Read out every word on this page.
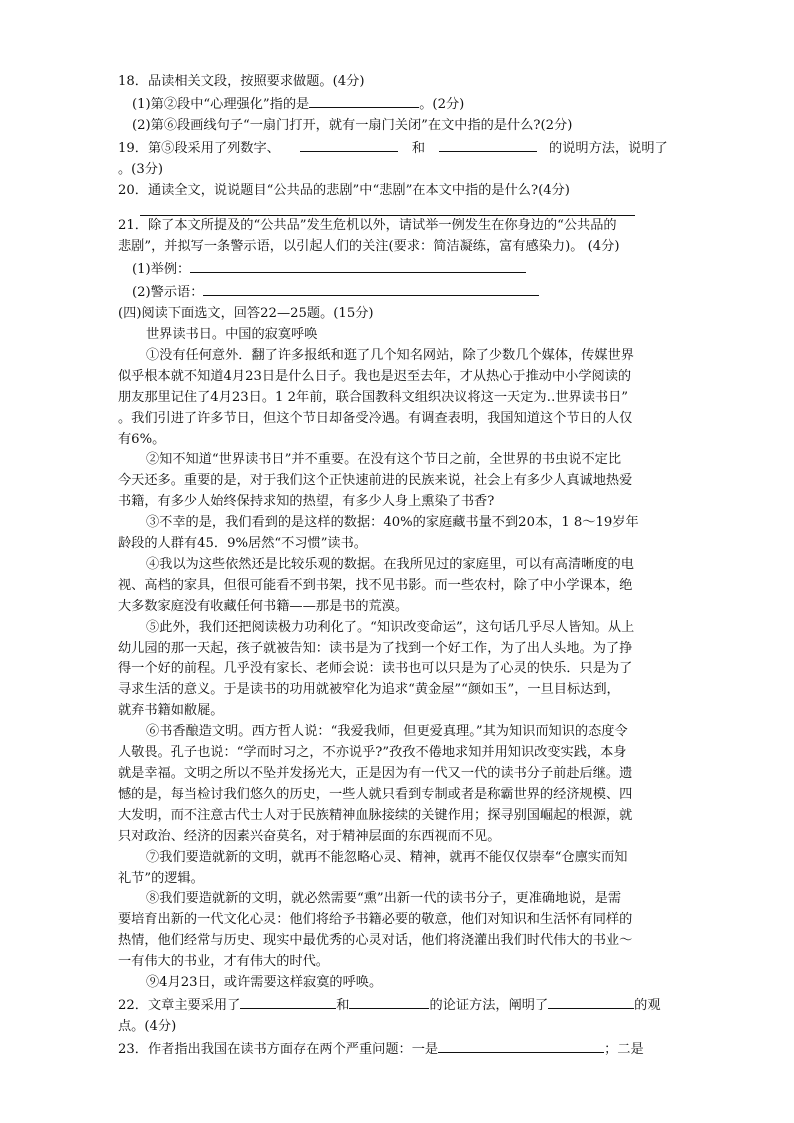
18．品读相关文段，按照要求做题。(4分)
(1)第②段中“心理强化”指的是	。(2分)
(2)第⑥段画线句子“一扇门打开，就有一扇门关闭”在文中指的是什么?(2分)
19．第⑤段采用了列数字、	和	的说明方法，说明了
。(3分)
20．通读全文，说说题目“公共品的悲剧”中“悲剧”在本文中指的是什么?(4分)
21．除了本文所提及的“公共品”发生危机以外，请试举一例发生在你身边的“公共品的
悲剧”，并拟写一条警示语，以引起人们的关注(要求：简洁凝练，富有感染力)。 (4分)
(1)举例：
(2)警示语：
(四)阅读下面选文，回答22—25题。(15分)
世界读书日。中国的寂寞呼唤
①没有任何意外．翻了许多报纸和逛了几个知名网站，除了少数几个媒体，传媒世界
似乎根本就不知道4月23日是什么日子。我也是迟至去年，才从热心于推动中小学阅读的
朋友那里记住了4月23日。1 2年前，联合国教科文组织决议将这一天定为‥世界读书日”
。我们引进了许多节日，但这个节日却备受冷遇。有调查表明，我国知道这个节日的人仅
有6%。
②知不知道“世界读书日”并不重要。在没有这个节日之前，全世界的书虫说不定比
今天还多。重要的是，对于我们这个正快速前进的民族来说，社会上有多少人真诚地热爱
书籍，有多少人始终保持求知的热望，有多少人身上熏染了书香?
③不幸的是，我们看到的是这样的数据：40%的家庭藏书量不到20本，1 8～19岁年
龄段的人群有45．9%居然“不习惯”读书。
④我以为这些依然还是比较乐观的数据。在我所见过的家庭里，可以有高清晰度的电
视、高档的家具，但很可能看不到书架，找不见书影。而一些农村，除了中小学课本，绝
大多数家庭没有收藏任何书籍——那是书的荒漠。
⑤此外，我们还把阅读极力功利化了。“知识改变命运”，这句话几乎尽人皆知。从上
幼儿园的那一天起，孩子就被告知：读书是为了找到一个好工作，为了出人头地。为了挣
得一个好的前程。几乎没有家长、老师会说：读书也可以只是为了心灵的快乐．只是为了
寻求生活的意义。于是读书的功用就被窄化为追求“黄金屋”“颜如玉”，一旦目标达到，
就弃书籍如敝屣。
⑥书香酿造文明。西方哲人说：“我爱我师，但更爱真理。”其为知识而知识的态度令
人敬畏。孔子也说：“学而时习之，不亦说乎?”孜孜不倦地求知并用知识改变实践，本身
就是幸福。文明之所以不坠并发扬光大，正是因为有一代又一代的读书分子前赴后继。遗
憾的是，每当检讨我们悠久的历史，一些人就只看到专制或者是称霸世界的经济规模、四
大发明，而不注意古代士人对于民族精神血脉接续的关键作用；探寻别国崛起的根源，就
只对政治、经济的因素兴奋莫名，对于精神层面的东西视而不见。
⑦我们要造就新的文明，就再不能忽略心灵、精神，就再不能仅仅崇奉“仓廪实而知
礼节”的逻辑。
⑧我们要造就新的文明，就必然需要“熏”出新一代的读书分子，更准确地说，是需
要培育出新的一代文化心灵：他们将给予书籍必要的敬意，他们对知识和生活怀有同样的
热情，他们经常与历史、现实中最优秀的心灵对话，他们将浇灌出我们时代伟大的书业～
一有伟大的书业，才有伟大的时代。
⑨4月23日，或许需要这样寂寞的呼唤。
22．文章主要采用了	和	的论证方法，阐明了	的观
点。(4分)
23．作者指出我国在读书方面存在两个严重问题：一是	；二是
